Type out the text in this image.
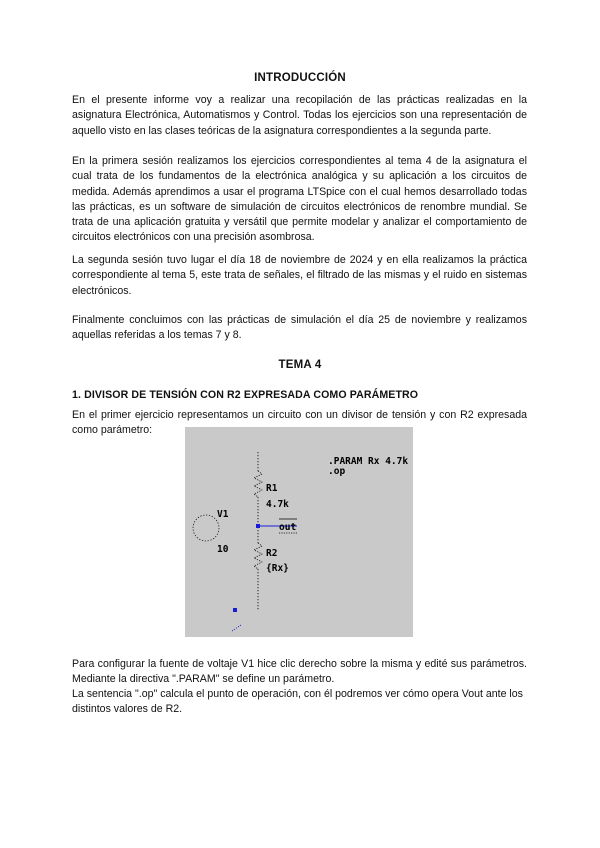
INTRODUCCIÓN

En el presente informe voy a realizar una recopilación de las prácticas realizadas en la asignatura Electrónica, Automatismos y Control. Todas los ejercicios son una representación de aquello visto en las clases teóricas de la asignatura correspondientes a la segunda parte.

En la primera sesión realizamos los ejercicios correspondientes al tema 4 de la asignatura el cual trata de los fundamentos de la electrónica analógica y su aplicación a los circuitos de medida. Además aprendimos a usar el programa LTSpice con el cual hemos desarrollado todas las prácticas, es un software de simulación de circuitos electrónicos de renombre mundial. Se trata de una aplicación gratuita y versátil que permite modelar y analizar el comportamiento de circuitos electrónicos con una precisión asombrosa.

La segunda sesión tuvo lugar el día 18 de noviembre de 2024 y en ella realizamos la práctica correspondiente al tema 5, este trata de señales, el filtrado de las mismas y el ruido en sistemas electrónicos.

Finalmente concluimos con las prácticas de simulación el día 25 de noviembre y realizamos aquellas referidas a los temas 7 y 8.

TEMA 4
1. DIVISOR DE TENSIÓN CON R2 EXPRESADA COMO PARÁMETRO

En el primer ejercicio representamos un circuito con un divisor de tensión y con R2 expresada como parámetro:

.PARAM Rx 4.7k
.op
out
R1
4.7k
R2
{Rx}
V1
10

Para configurar la fuente de voltaje V1 hice clic derecho sobre la misma y edité sus parámetros. Mediante la directiva ".PARAM" se define un parámetro.

La sentencia ".op" calcula el punto de operación, con él podremos ver cómo opera Vout ante los distintos valores de R2.
